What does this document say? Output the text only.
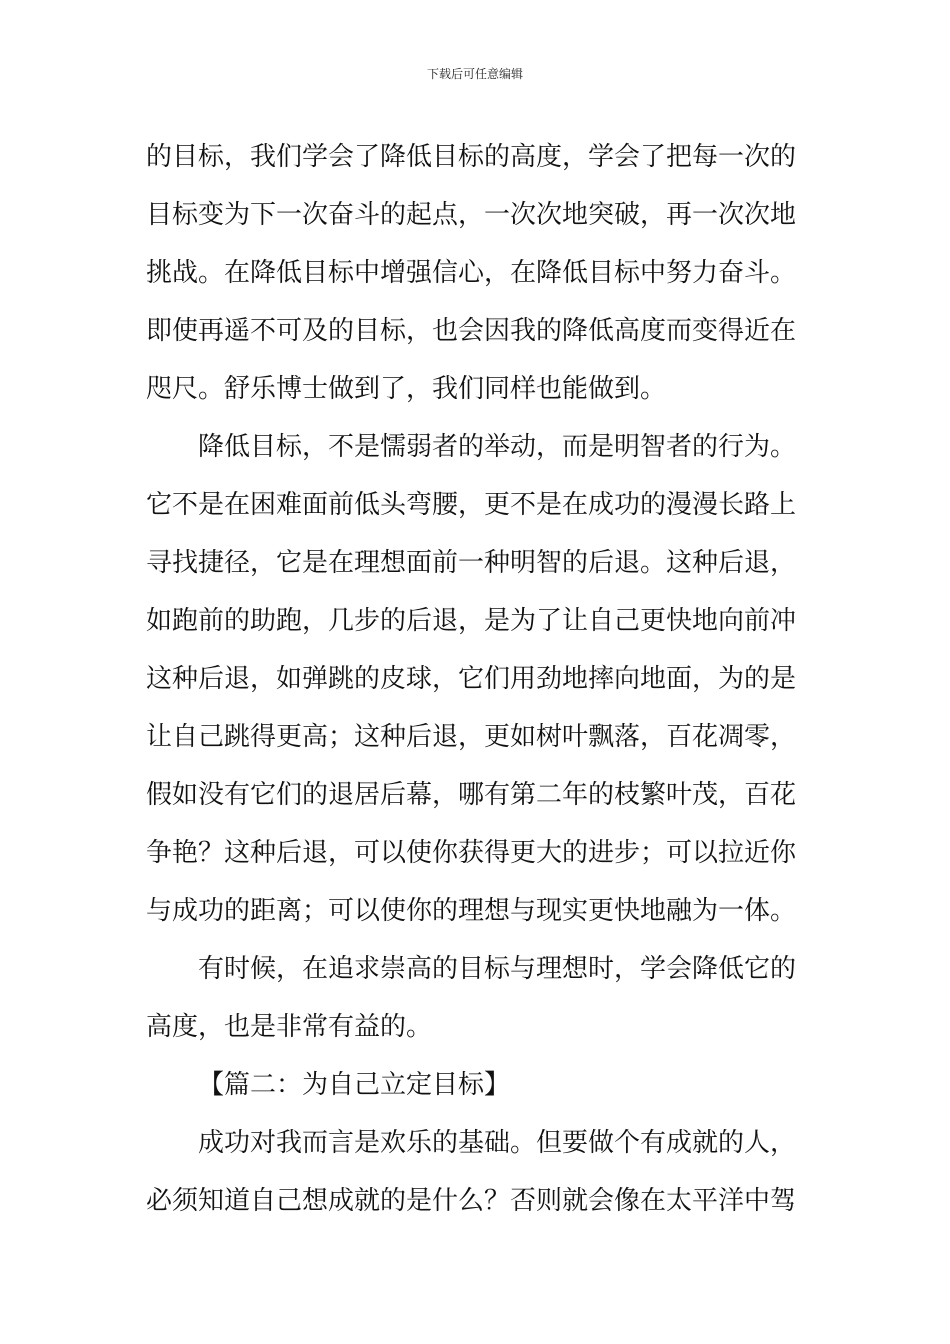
下载后可任意编辑
的目标，我们学会了降低目标的高度，学会了把每一次的
目标变为下一次奋斗的起点，一次次地突破，再一次次地
挑战。在降低目标中增强信心，在降低目标中努力奋斗。
即使再遥不可及的目标，也会因我的降低高度而变得近在
咫尺。舒乐博士做到了，我们同样也能做到。
降低目标，不是懦弱者的举动，而是明智者的行为。
它不是在困难面前低头弯腰，更不是在成功的漫漫长路上
寻找捷径，它是在理想面前一种明智的后退。这种后退，
如跑前的助跑，几步的后退，是为了让自己更快地向前冲
这种后退，如弹跳的皮球，它们用劲地摔向地面，为的是
让自己跳得更高；这种后退，更如树叶飘落，百花凋零，
假如没有它们的退居后幕，哪有第二年的枝繁叶茂，百花
争艳？这种后退，可以使你获得更大的进步；可以拉近你
与成功的距离；可以使你的理想与现实更快地融为一体。
有时候，在追求崇高的目标与理想时，学会降低它的
高度，也是非常有益的。
【篇二：为自己立定目标】
成功对我而言是欢乐的基础。但要做个有成就的人，
必须知道自己想成就的是什么？否则就会像在太平洋中驾
